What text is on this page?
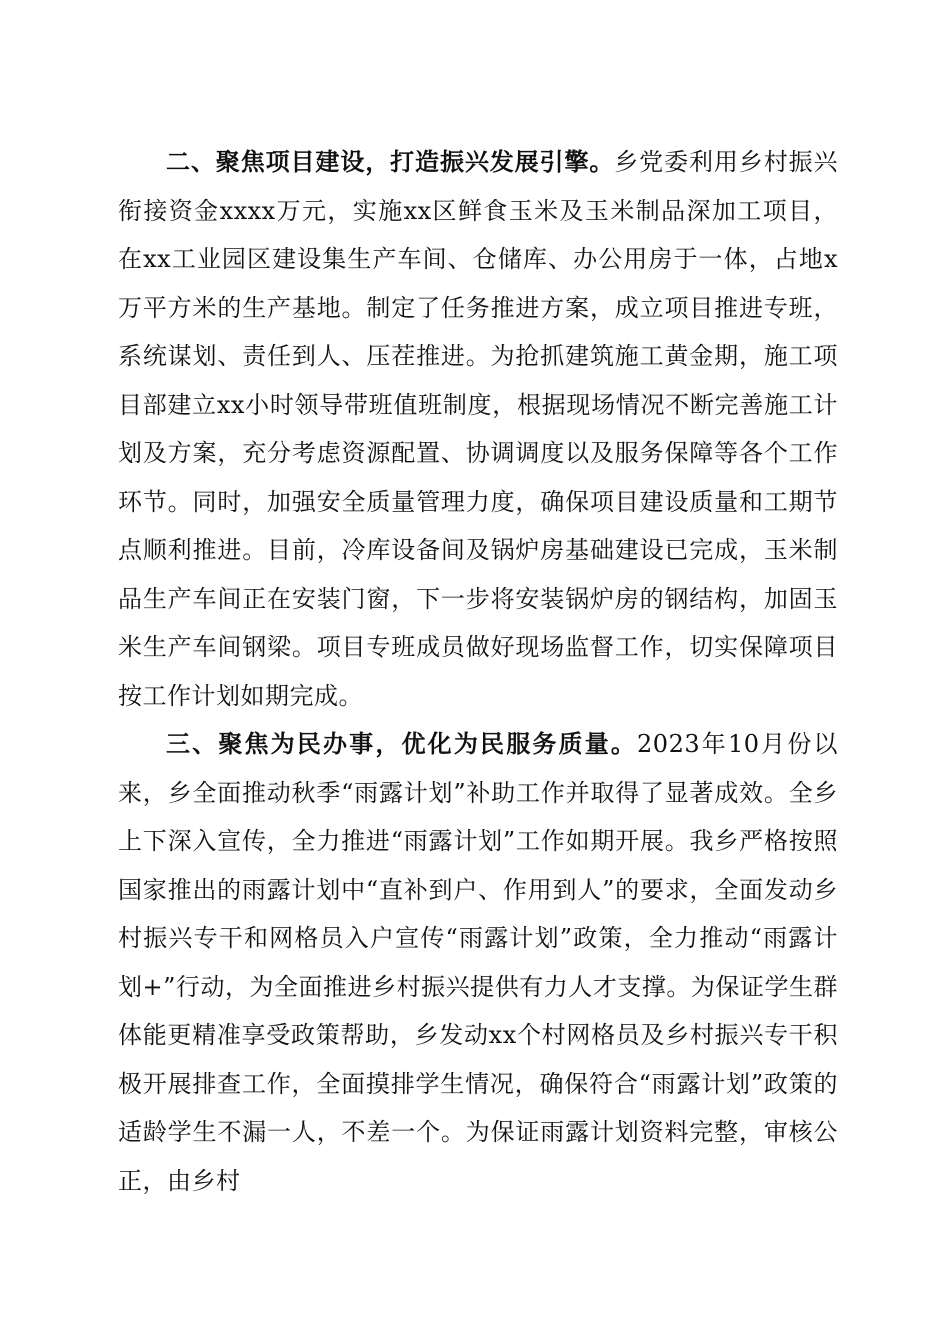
二、聚焦项目建设，打造振兴发展引擎。乡党委利用乡村振兴衔接资金xxxx万元，实施xx区鲜食玉米及玉米制品深加工项目，在xx工业园区建设集生产车间、仓储库、办公用房于一体，占地x万平方米的生产基地。制定了任务推进方案，成立项目推进专班，系统谋划、责任到人、压茬推进。为抢抓建筑施工黄金期，施工项目部建立xx小时领导带班值班制度，根据现场情况不断完善施工计划及方案，充分考虑资源配置、协调调度以及服务保障等各个工作环节。同时，加强安全质量管理力度，确保项目建设质量和工期节点顺利推进。目前，冷库设备间及锅炉房基础建设已完成，玉米制品生产车间正在安装门窗，下一步将安装锅炉房的钢结构，加固玉米生产车间钢梁。项目专班成员做好现场监督工作，切实保障项目按工作计划如期完成。

三、聚焦为民办事，优化为民服务质量。2023年10月份以来，乡全面推动秋季“雨露计划”补助工作并取得了显著成效。全乡上下深入宣传，全力推进“雨露计划”工作如期开展。我乡严格按照国家推出的雨露计划中“直补到户、作用到人”的要求，全面发动乡村振兴专干和网格员入户宣传“雨露计划”政策，全力推动“雨露计划+”行动，为全面推进乡村振兴提供有力人才支撑。为保证学生群体能更精准享受政策帮助，乡发动xx个村网格员及乡村振兴专干积极开展排查工作，全面摸排学生情况，确保符合“雨露计划”政策的适龄学生不漏一人，不差一个。为保证雨露计划资料完整，审核公正，由乡村
